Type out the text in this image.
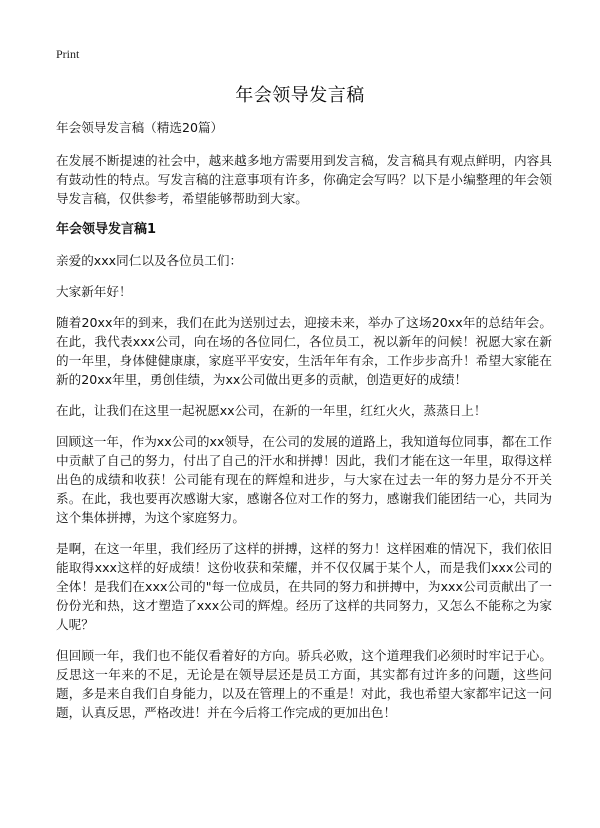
Print
年会领导发言稿

年会领导发言稿（精选20篇）

在发展不断提速的社会中，越来越多地方需要用到发言稿，发言稿具有观点鲜明，内容具有鼓动性的特点。写发言稿的注意事项有许多，你确定会写吗？以下是小编整理的年会领导发言稿，仅供参考，希望能够帮助到大家。

年会领导发言稿1

亲爱的xxx同仁以及各位员工们：

大家新年好！

随着20xx年的到来，我们在此为送别过去，迎接未来，举办了这场20xx年的总结年会。在此，我代表xxx公司，向在场的各位同仁，各位员工，祝以新年的问候！祝愿大家在新的一年里，身体健健康康，家庭平平安安，生活年年有余，工作步步高升！希望大家能在新的20xx年里，勇创佳绩，为xx公司做出更多的贡献，创造更好的成绩！

在此，让我们在这里一起祝愿xx公司，在新的一年里，红红火火，蒸蒸日上！

回顾这一年，作为xx公司的xx领导，在公司的发展的道路上，我知道每位同事，都在工作中贡献了自己的努力，付出了自己的汗水和拼搏！因此，我们才能在这一年里，取得这样出色的成绩和收获！公司能有现在的辉煌和进步，与大家在过去一年的努力是分不开关系。在此，我也要再次感谢大家，感谢各位对工作的努力，感谢我们能团结一心，共同为这个集体拼搏，为这个家庭努力。

是啊，在这一年里，我们经历了这样的拼搏，这样的努力！这样困难的情况下，我们依旧能取得xxx这样的好成绩！这份收获和荣耀，并不仅仅属于某个人，而是我们xxx公司的全体！是我们在xxx公司的"每一位成员，在共同的努力和拼搏中，为xxx公司贡献出了一份份光和热，这才塑造了xxx公司的辉煌。经历了这样的共同努力，又怎么不能称之为家人呢？

但回顾一年，我们也不能仅看着好的方向。骄兵必败，这个道理我们必须时时牢记于心。反思这一年来的不足，无论是在领导层还是员工方面，其实都有过许多的问题，这些问题，多是来自我们自身能力，以及在管理上的不重是！对此，我也希望大家都牢记这一问题，认真反思，严格改进！并在今后将工作完成的更加出色！
